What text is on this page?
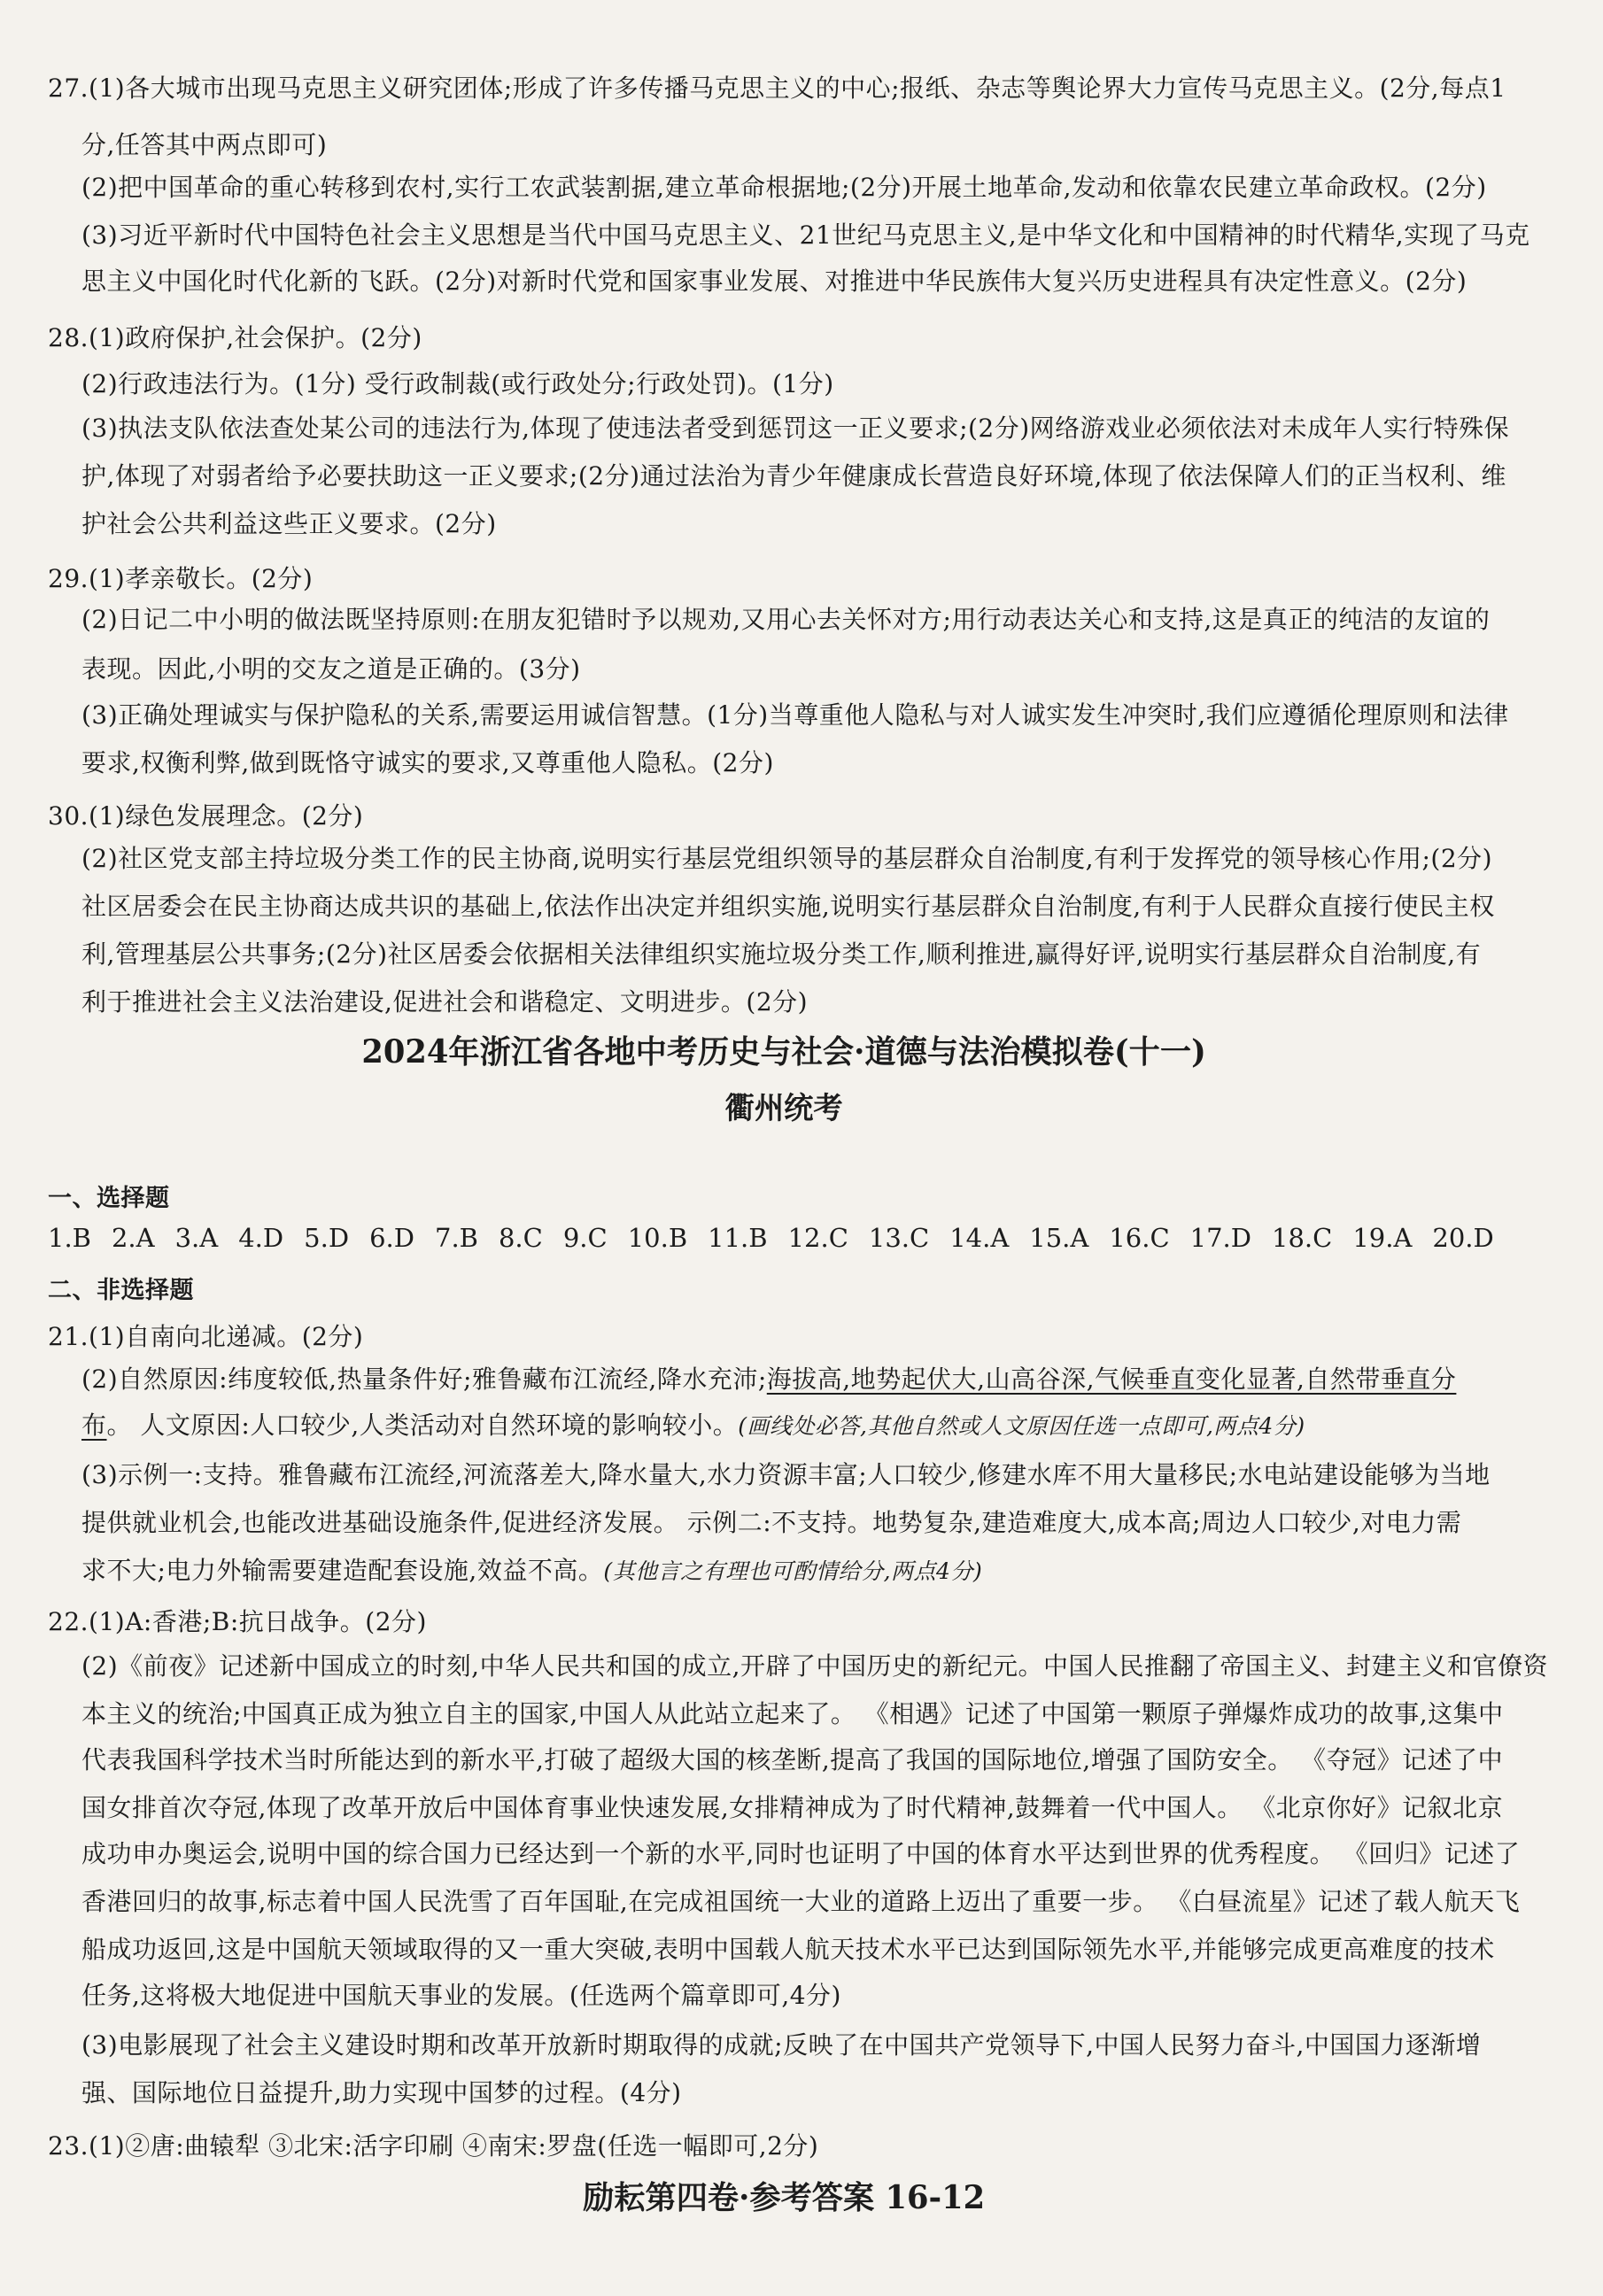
27.(1)各大城市出现马克思主义研究团体;形成了许多传播马克思主义的中心;报纸、杂志等舆论界大力宣传马克思主义。(2分,每点1

分,任答其中两点即可)

(2)把中国革命的重心转移到农村,实行工农武装割据,建立革命根据地;(2分)开展土地革命,发动和依靠农民建立革命政权。(2分)

(3)习近平新时代中国特色社会主义思想是当代中国马克思主义、21世纪马克思主义,是中华文化和中国精神的时代精华,实现了马克

思主义中国化时代化新的飞跃。(2分)对新时代党和国家事业发展、对推进中华民族伟大复兴历史进程具有决定性意义。(2分)

28.(1)政府保护,社会保护。(2分)

(2)行政违法行为。(1分) 受行政制裁(或行政处分;行政处罚)。(1分)

(3)执法支队依法查处某公司的违法行为,体现了使违法者受到惩罚这一正义要求;(2分)网络游戏业必须依法对未成年人实行特殊保

护,体现了对弱者给予必要扶助这一正义要求;(2分)通过法治为青少年健康成长营造良好环境,体现了依法保障人们的正当权利、维

护社会公共利益这些正义要求。(2分)

29.(1)孝亲敬长。(2分)

(2)日记二中小明的做法既坚持原则:在朋友犯错时予以规劝,又用心去关怀对方;用行动表达关心和支持,这是真正的纯洁的友谊的

表现。因此,小明的交友之道是正确的。(3分)

(3)正确处理诚实与保护隐私的关系,需要运用诚信智慧。(1分)当尊重他人隐私与对人诚实发生冲突时,我们应遵循伦理原则和法律

要求,权衡利弊,做到既恪守诚实的要求,又尊重他人隐私。(2分)

30.(1)绿色发展理念。(2分)

(2)社区党支部主持垃圾分类工作的民主协商,说明实行基层党组织领导的基层群众自治制度,有利于发挥党的领导核心作用;(2分)

社区居委会在民主协商达成共识的基础上,依法作出决定并组织实施,说明实行基层群众自治制度,有利于人民群众直接行使民主权

利,管理基层公共事务;(2分)社区居委会依据相关法律组织实施垃圾分类工作,顺利推进,赢得好评,说明实行基层群众自治制度,有

利于推进社会主义法治建设,促进社会和谐稳定、文明进步。(2分)

2024年浙江省各地中考历史与社会·道德与法治模拟卷(十一)

衢州统考

一、选择题

1.B 2.A 3.A 4.D 5.D 6.D 7.B 8.C 9.C 10.B 11.B 12.C 13.C 14.A 15.A 16.C 17.D 18.C 19.A 20.D

二、非选择题

21.(1)自南向北递减。(2分)

(2)自然原因:纬度较低,热量条件好;雅鲁藏布江流经,降水充沛;海拔高,地势起伏大,山高谷深,气候垂直变化显著,自然带垂直分

布。 人文原因:人口较少,人类活动对自然环境的影响较小。(画线处必答,其他自然或人文原因任选一点即可,两点4分)

(3)示例一:支持。雅鲁藏布江流经,河流落差大,降水量大,水力资源丰富;人口较少,修建水库不用大量移民;水电站建设能够为当地

提供就业机会,也能改进基础设施条件,促进经济发展。 示例二:不支持。地势复杂,建造难度大,成本高;周边人口较少,对电力需

求不大;电力外输需要建造配套设施,效益不高。(其他言之有理也可酌情给分,两点4分)

22.(1)A:香港;B:抗日战争。(2分)

(2)《前夜》记述新中国成立的时刻,中华人民共和国的成立,开辟了中国历史的新纪元。中国人民推翻了帝国主义、封建主义和官僚资

本主义的统治;中国真正成为独立自主的国家,中国人从此站立起来了。 《相遇》记述了中国第一颗原子弹爆炸成功的故事,这集中

代表我国科学技术当时所能达到的新水平,打破了超级大国的核垄断,提高了我国的国际地位,增强了国防安全。 《夺冠》记述了中

国女排首次夺冠,体现了改革开放后中国体育事业快速发展,女排精神成为了时代精神,鼓舞着一代中国人。 《北京你好》记叙北京

成功申办奥运会,说明中国的综合国力已经达到一个新的水平,同时也证明了中国的体育水平达到世界的优秀程度。 《回归》记述了

香港回归的故事,标志着中国人民洗雪了百年国耻,在完成祖国统一大业的道路上迈出了重要一步。 《白昼流星》记述了载人航天飞

船成功返回,这是中国航天领域取得的又一重大突破,表明中国载人航天技术水平已达到国际领先水平,并能够完成更高难度的技术

任务,这将极大地促进中国航天事业的发展。(任选两个篇章即可,4分)

(3)电影展现了社会主义建设时期和改革开放新时期取得的成就;反映了在中国共产党领导下,中国人民努力奋斗,中国国力逐渐增

强、国际地位日益提升,助力实现中国梦的过程。(4分)

23.(1)②唐:曲辕犁 ③北宋:活字印刷 ④南宋:罗盘(任选一幅即可,2分)

励耘第四卷·参考答案 16-12
